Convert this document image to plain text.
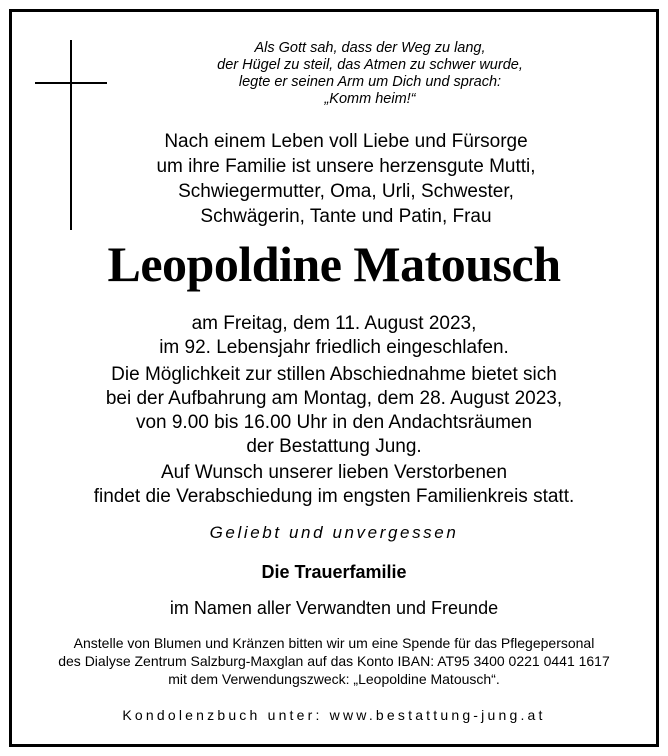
Als Gott sah, dass der Weg zu lang,
der Hügel zu steil, das Atmen zu schwer wurde,
legte er seinen Arm um Dich und sprach:
„Komm heim!“
Nach einem Leben voll Liebe und Fürsorge
um ihre Familie ist unsere herzensgute Mutti,
Schwiegermutter, Oma, Urli, Schwester,
Schwägerin, Tante und Patin, Frau
Leopoldine Matousch
am Freitag, dem 11. August 2023,
im 92. Lebensjahr friedlich eingeschlafen.
Die Möglichkeit zur stillen Abschiednahme bietet sich
bei der Aufbahrung am Montag, dem 28. August 2023,
von 9.00 bis 16.00 Uhr in den Andachtsräumen
der Bestattung Jung.
Auf Wunsch unserer lieben Verstorbenen
findet die Verabschiedung im engsten Familienkreis statt.
Geliebt und unvergessen
Die Trauerfamilie
im Namen aller Verwandten und Freunde
Anstelle von Blumen und Kränzen bitten wir um eine Spende für das Pflegepersonal
des Dialyse Zentrum Salzburg-Maxglan auf das Konto IBAN: AT95 3400 0221 0441 1617
mit dem Verwendungszweck: „Leopoldine Matousch“.
Kondolenzbuch unter: www.bestattung-jung.at
